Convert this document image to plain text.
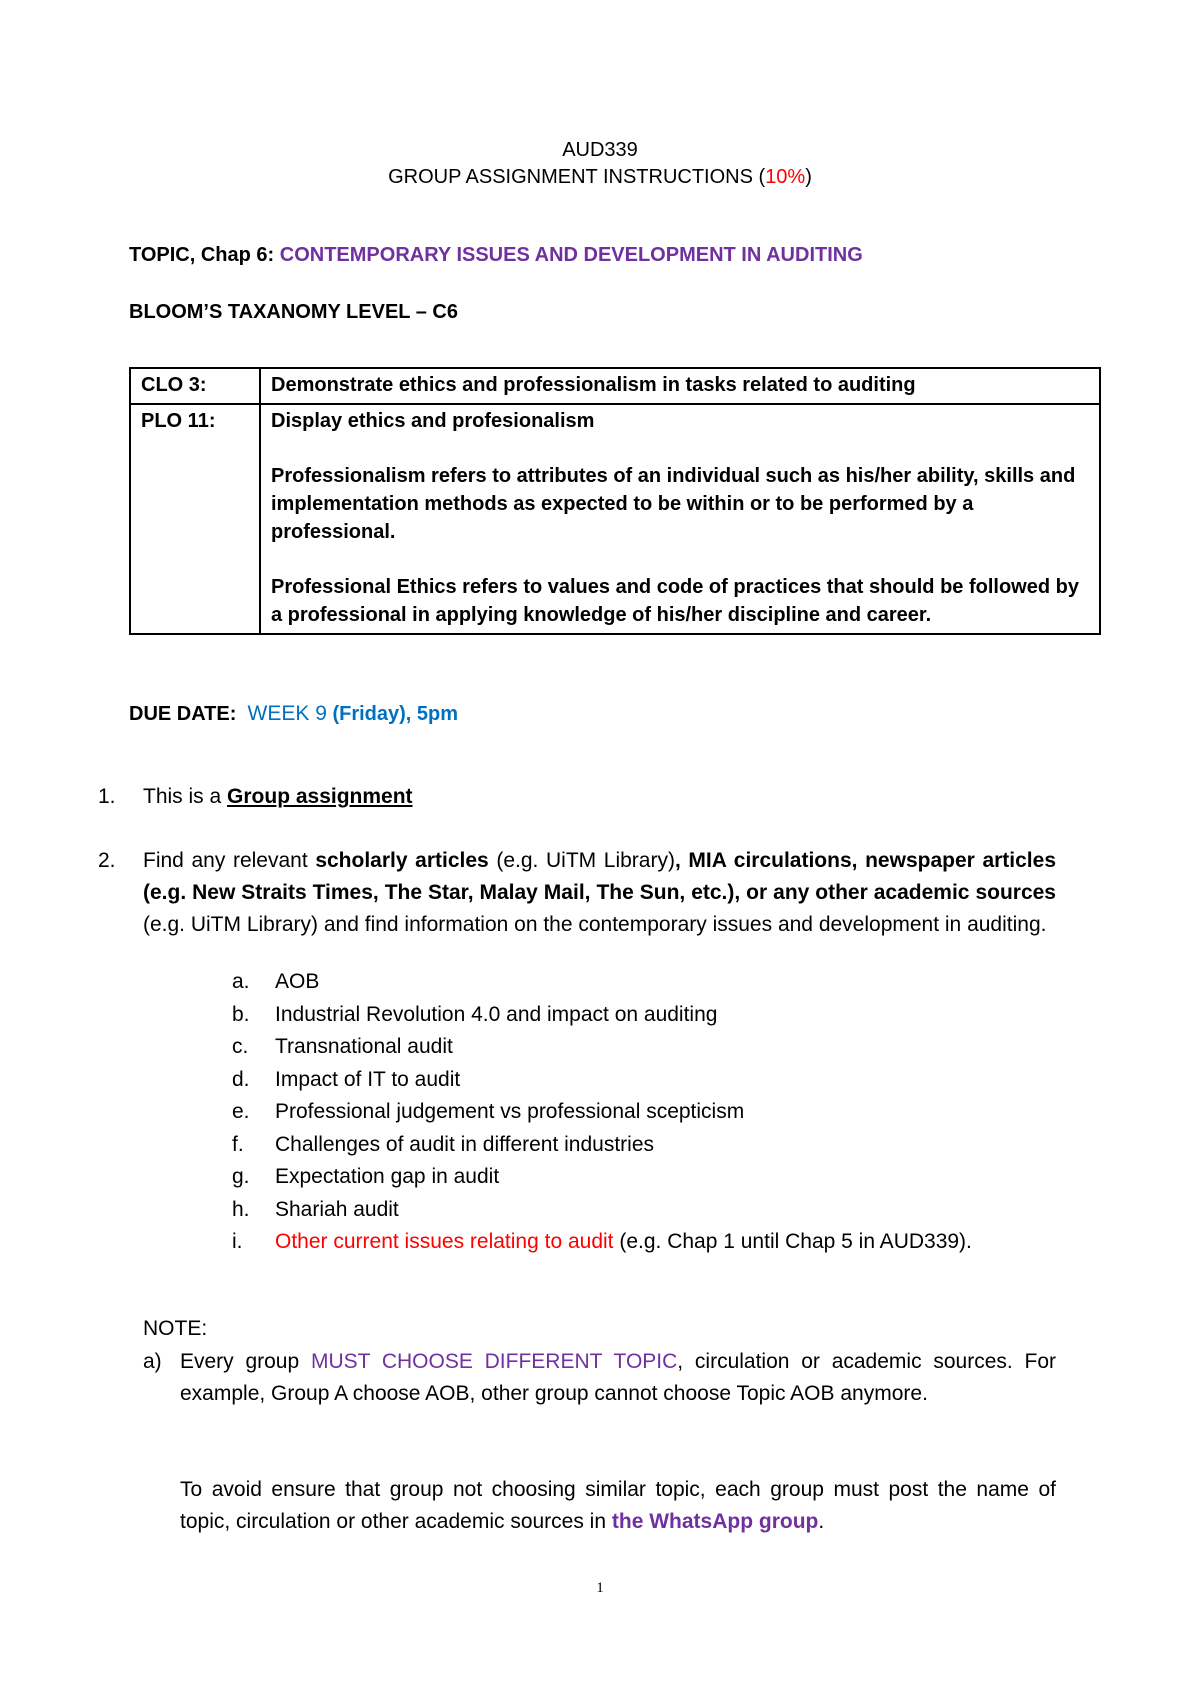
AUD339
GROUP ASSIGNMENT INSTRUCTIONS (10%)
TOPIC, Chap 6: CONTEMPORARY ISSUES AND DEVELOPMENT IN AUDITING
BLOOM’S TAXANOMY LEVEL – C6
CLO 3:	Demonstrate ethics and professionalism in tasks related to auditing

PLO 11:	Display ethics and profesionalism

Professionalism refers to attributes of an individual such as his/her ability, skills and implementation methods as expected to be within or to be performed by a professional.

Professional Ethics refers to values and code of practices that should be followed by a professional in applying knowledge of his/her discipline and career.

DUE DATE: WEEK 9 (Friday), 5pm
1. This is a Group assignment
2. Find any relevant scholarly articles (e.g. UiTM Library), MIA circulations, newspaper articles (e.g. New Straits Times, The Star, Malay Mail, The Sun, etc.), or any other academic sources (e.g. UiTM Library) and find information on the contemporary issues and development in auditing.
a. AOB
b. Industrial Revolution 4.0 and impact on auditing
c. Transnational audit
d. Impact of IT to audit
e. Professional judgement vs professional scepticism
f. Challenges of audit in different industries
g. Expectation gap in audit
h. Shariah audit
i. Other current issues relating to audit (e.g. Chap 1 until Chap 5 in AUD339).
NOTE:
a) Every group MUST CHOOSE DIFFERENT TOPIC, circulation or academic sources. For example, Group A choose AOB, other group cannot choose Topic AOB anymore.
To avoid ensure that group not choosing similar topic, each group must post the name of topic, circulation or other academic sources in the WhatsApp group.
1
